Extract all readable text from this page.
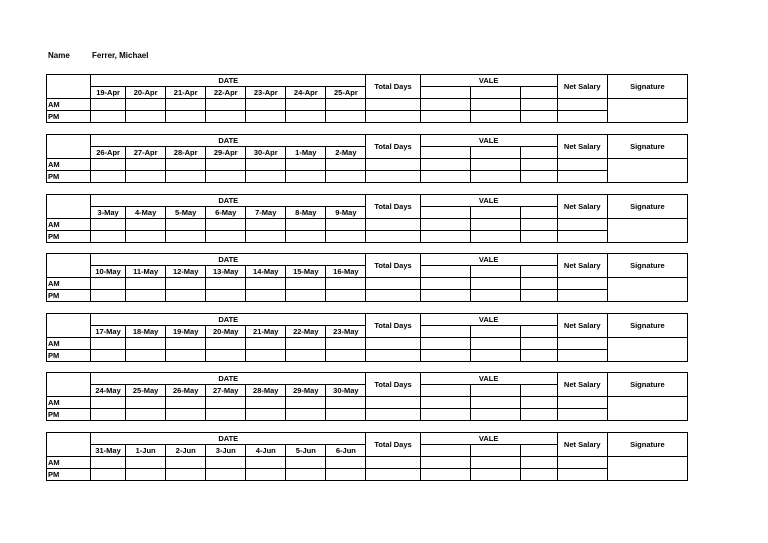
Name	Ferrer, Michael
	DATE							Total Days	VALE			Net Salary	Signature
	19-Apr	20-Apr	21-Apr	22-Apr	23-Apr	24-Apr	25-Apr						
AM													
PM													
	DATE							Total Days	VALE			Net Salary	Signature
	26-Apr	27-Apr	28-Apr	29-Apr	30-Apr	1-May	2-May						
AM													
PM													
	DATE							Total Days	VALE			Net Salary	Signature
	3-May	4-May	5-May	6-May	7-May	8-May	9-May						
AM													
PM													
	DATE							Total Days	VALE			Net Salary	Signature
	10-May	11-May	12-May	13-May	14-May	15-May	16-May						
AM													
PM													
	DATE							Total Days	VALE			Net Salary	Signature
	17-May	18-May	19-May	20-May	21-May	22-May	23-May						
AM													
PM													
	DATE							Total Days	VALE			Net Salary	Signature
	24-May	25-May	26-May	27-May	28-May	29-May	30-May						
AM													
PM													
	DATE							Total Days	VALE			Net Salary	Signature
	31-May	1-Jun	2-Jun	3-Jun	4-Jun	5-Jun	6-Jun						
AM													
PM													
